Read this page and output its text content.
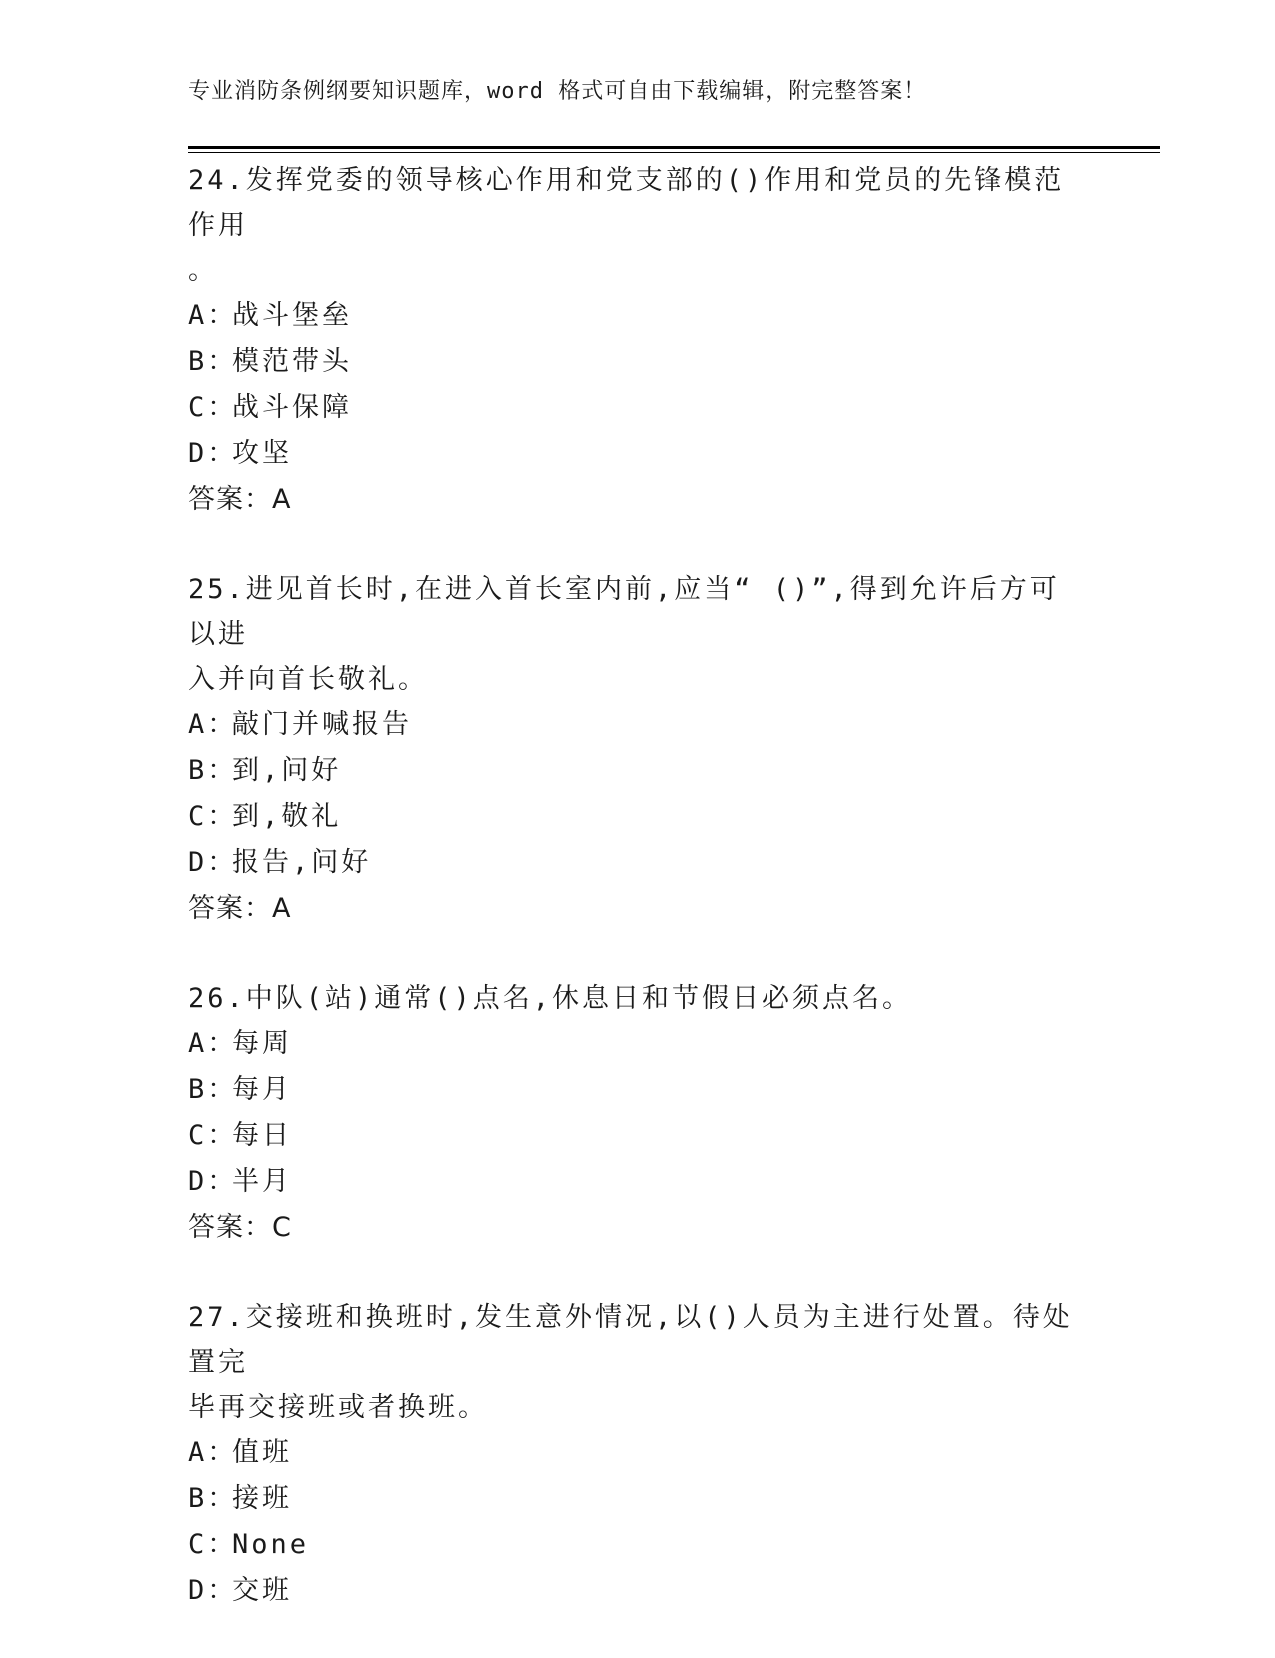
专业消防条例纲要知识题库，word 格式可自由下载编辑，附完整答案！
24.发挥党委的领导核心作用和党支部的()作用和党员的先锋模范作用
。
A：战斗堡垒
B：模范带头
C：战斗保障
D：攻坚
答案：A
25.进见首长时,在进入首长室内前,应当“ ()”,得到允许后方可以进
入并向首长敬礼。
A：敲门并喊报告
B：到,问好
C：到,敬礼
D：报告,问好
答案：A
26.中队(站)通常()点名,休息日和节假日必须点名。
A：每周
B：每月
C：每日
D：半月
答案：C
27.交接班和换班时,发生意外情况,以()人员为主进行处置。待处置完
毕再交接班或者换班。
A：值班
B：接班
C：None
D：交班
